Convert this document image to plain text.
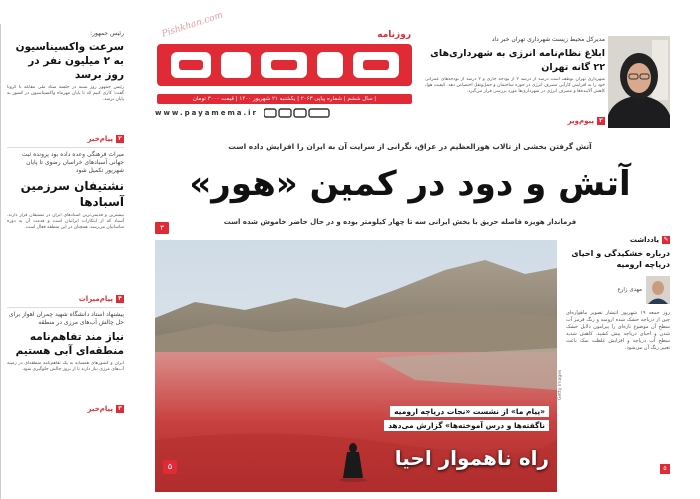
Pishkhan.com
رئیس جمهور:
سرعت واکسیناسیون به ۲ میلیون نفر در روز برسد
رئیس جمهور روز شنبه در جلسه ستاد ملی مقابله با کرونا گفت: کاری کنیم که تا پایان مهرماه واکسیناسیون در کشور به پایان برسد.
۲
پیام‌خبر
میراث فرهنگی وعده داده بود پرونده ثبت جهانی آسبادهای خراسان رضوی تا پایان شهریور تکمیل شود
نشتیفان سرزمین آسبادها
بیشترین و قدیمی‌ترین آسبادهای ایران در نشتیفان قرار دارند. آسباد که از ابتکارات ایرانیان است و قدمت آن به دوره ساسانیان می‌رسد، همچنان در این منطقه فعال است.
۴
پیام‌میراث
پیشنهاد استاد دانشگاه شهید چمران اهواز برای حل چالش آب‌های مرزی در منطقه
نیاز مند تفاهم‌نامه منطقه‌ای آبی هستیم
ایران و کشورهای همسایه به یک تفاهم‌نامه منطقه‌ای در زمینه آب‌های مرزی نیاز دارند تا از بروز چالش جلوگیری شود.
۳
پیام‌خبر
روزنامه
| سال ششم | شماره پیاپی ۲۰۶۳ | یکشنبه ۲۱ شهریور ۱۴۰۰ | قیمت ۳۰۰۰ تومان
www.payamema.ir
مدیرکل محیط زیست شهرداری تهران خبر داد
ابلاغ نظام‌نامه انرژی به شهرداری‌های ۲۲ گانه تهران
شهرداری تهران بوطف است درصد از درصد ۲ از بودجه جاری و ۲ درصد از بودجه‌های عمرانی خود را به افزایش کارآیی مصرف انرژی در حوزه ساختمان و حمل‌ونقل اختصاص دهد. کیفیت هوا، کاهش آلاینده‌ها و مصرف انرژی در شهرداری‌ها مورد بررسی قرار می‌گیرد.
۲
پیوم‌ویر
آتش گرفتن بخشی از تالاب هورالعظیم در عراق، نگرانی از سرایت آن به ایران را افزایش داده است
آتش و دود در کمین «هور»
فرماندار هویزه فاصله حریق با بخش ایرانی سه تا چهار کیلومتر بوده و در حال حاضر خاموش شده است
۳
«پیام ما» از نشست «نجات دریاچه ارومیه
ناگفته‌ها و درس آموخته‌ها» گزارش می‌دهد
راه ناهموار احیا
۵
Getty Images
✎
یادداشت
درباره خشکیدگی و احیای دریاچه ارومیه
مهدی زارع
روز جمعه ۱۹ شهریور انتشار تصویر ماهواره‌ای چین از دریاچه خشک شده ارومیه و رنگ قرمز آب سطح آن موضوع تازه‌ای را پیرامون دلایل خشک شدن و احیای دریاچه پیش کشید. کاهش شدید سطح آب دریاچه و افزایش غلظت نمک باعث تغییر رنگ آن می‌شود.
۵
